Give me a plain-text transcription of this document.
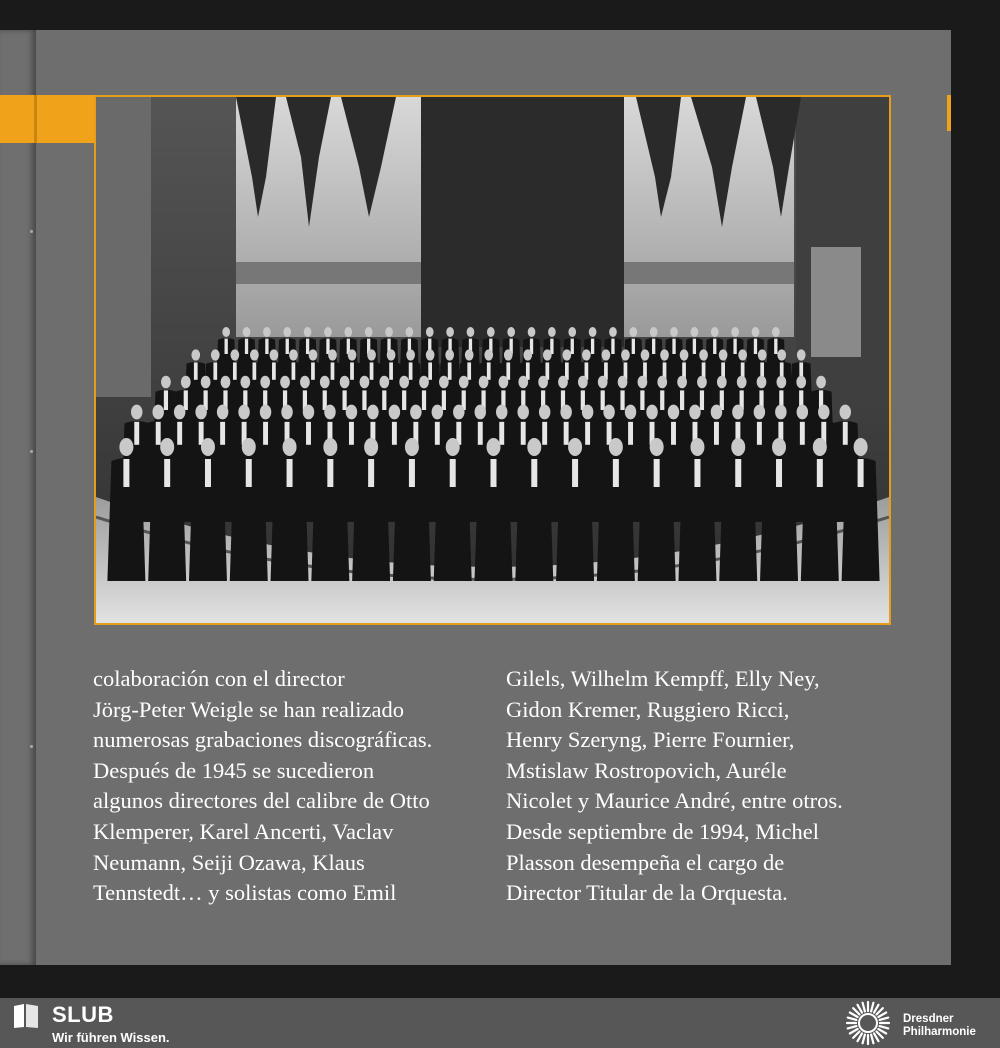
colaboración con el director

Jörg-Peter Weigle se han realizado

numerosas grabaciones discográficas.

Después de 1945 se sucedieron

algunos directores del calibre de Otto

Klemperer, Karel Ancerti, Vaclav

Neumann, Seiji Ozawa, Klaus

Tennstedt… y solistas como Emil

Gilels, Wilhelm Kempff, Elly Ney,

Gidon Kremer, Ruggiero Ricci,

Henry Szeryng, Pierre Fournier,

Mstislaw Rostropovich, Auréle

Nicolet y Maurice André, entre otros.

Desde septiembre de 1994, Michel

Plasson desempeña el cargo de

Director Titular de la Orquesta.

SLUB
Wir führen Wissen.
Dresdner
Philharmonie
